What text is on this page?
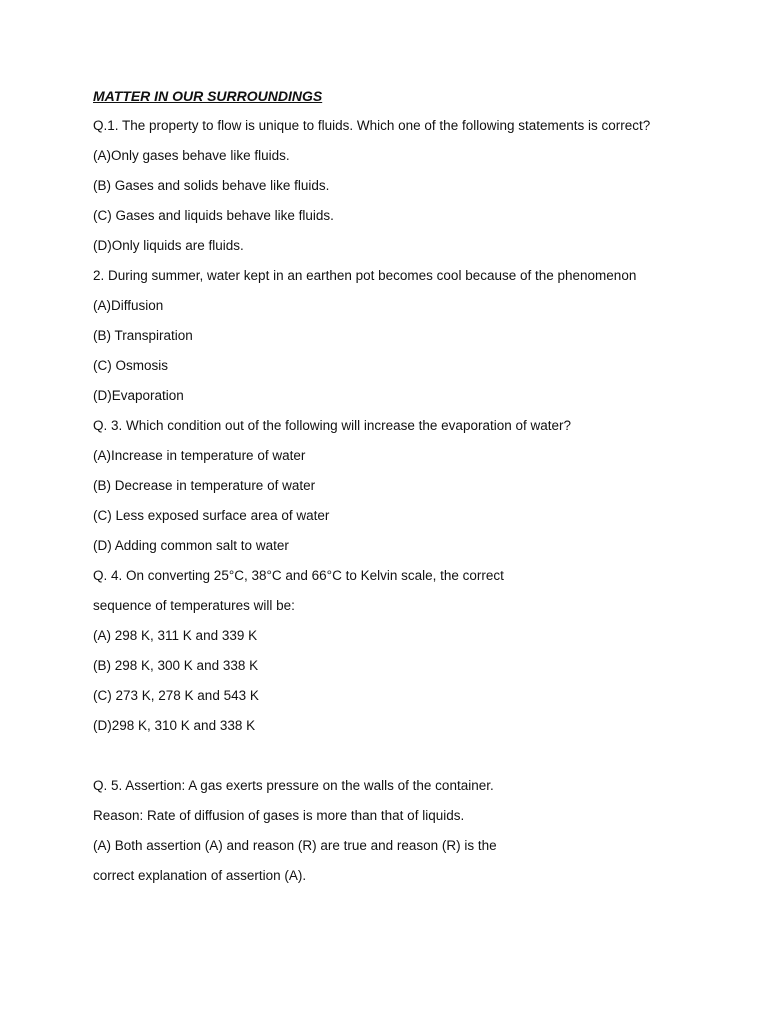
MATTER IN OUR SURROUNDINGS
Q.1. The property to flow is unique to fluids. Which one of the following statements is correct?
(A)Only gases behave like fluids.
(B) Gases and solids behave like fluids.
(C) Gases and liquids behave like fluids.
(D)Only liquids are fluids.
2. During summer, water kept in an earthen pot becomes cool because of the phenomenon
(A)Diffusion
(B) Transpiration
(C) Osmosis
(D)Evaporation
Q. 3. Which condition out of the following will increase the evaporation of water?
(A)Increase in temperature of water
(B) Decrease in temperature of water
(C) Less exposed surface area of water
(D) Adding common salt to water
Q. 4. On converting 25°C, 38°C and 66°C to Kelvin scale, the correct
sequence of temperatures will be:
(A) 298 K, 311 K and 339 K
(B) 298 K, 300 K and 338 K
(C) 273 K, 278 K and 543 K
(D)298 K, 310 K and 338 K
Q. 5. Assertion: A gas exerts pressure on the walls of the container.
Reason: Rate of diffusion of gases is more than that of liquids.
(A) Both assertion (A) and reason (R) are true and reason (R) is the
correct explanation of assertion (A).
